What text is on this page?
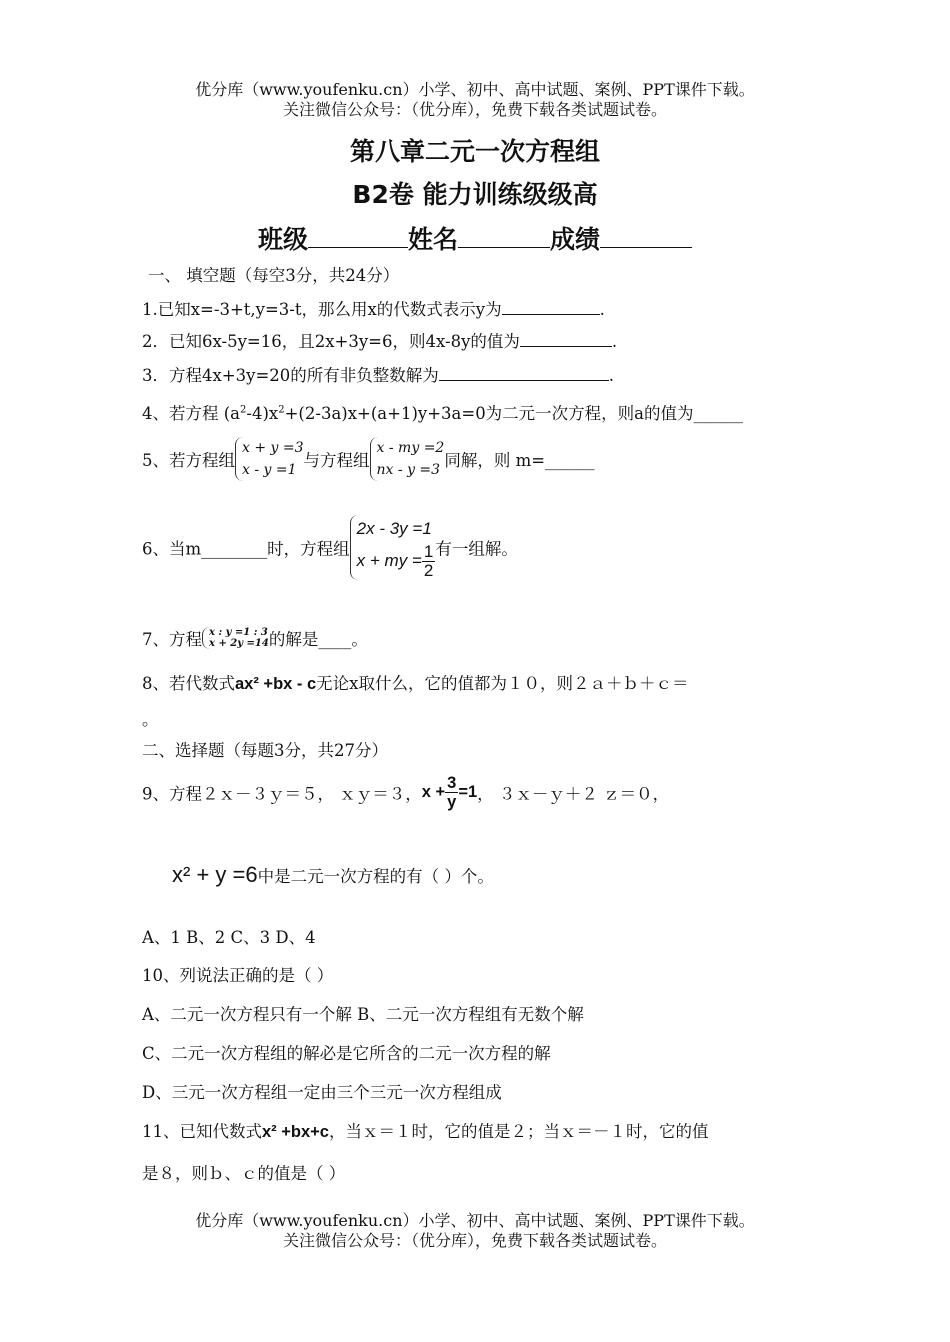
优分库（www.youfenku.cn）小学、初中、高中试题、案例、PPT课件下载。
关注微信公众号：（优分库），免费下载各类试题试卷。
第八章二元一次方程组
B2卷 能力训练级级高
班级	姓名	成绩
一、 填空题（每空3分，共24分）
1.已知x=-3+t,y=3-t，那么用x的代数式表示y为	.
2．已知6x-5y=16，且2x+3y=6，则4x-8y的值为	.
3．方程4x+3y=20的所有非负整数解为	.
4、若方程 $(a^2-4)x^2+(2-3a)x+(a+1)y+3a=0$为二元一次方程，则a的值为______
5、若方程组
x + y =3
x - y =1 与方程组
x - my =2
nx - y =3 同解，则 m=______
6、当m________时，方程组
2x - 3y =1
x + my = $\frac{1}{2}$ 有一组解。
7、方程 x : y =1 : 3
x + 2y =14 的解是____。
8、若代数式ax² +bx - c无论x取什么，它的值都为１０，则２ａ＋ｂ＋ｃ＝
。
二、选择题（每题3分，共27分）
9、方程２ｘ－３ｙ＝５， ｘｙ＝３，$x + \frac{3}{y} =1$， ３ｘ－ｙ＋２ ｚ＝０，
x² + y =6中是二元一次方程的有（ ）个。
A、1 B、2 C、3 D、4
10、列说法正确的是（ ）
A、二元一次方程只有一个解 B、二元一次方程组有无数个解
C、二元一次方程组的解必是它所含的二元一次方程的解
D、三元一次方程组一定由三个三元一次方程组成
11、已知代数式x² +bx+c，当ｘ＝１时，它的值是２；当ｘ＝－１时，它的值
是８，则ｂ、ｃ的值是（ ）
优分库（www.youfenku.cn）小学、初中、高中试题、案例、PPT课件下载。
关注微信公众号：（优分库），免费下载各类试题试卷。
